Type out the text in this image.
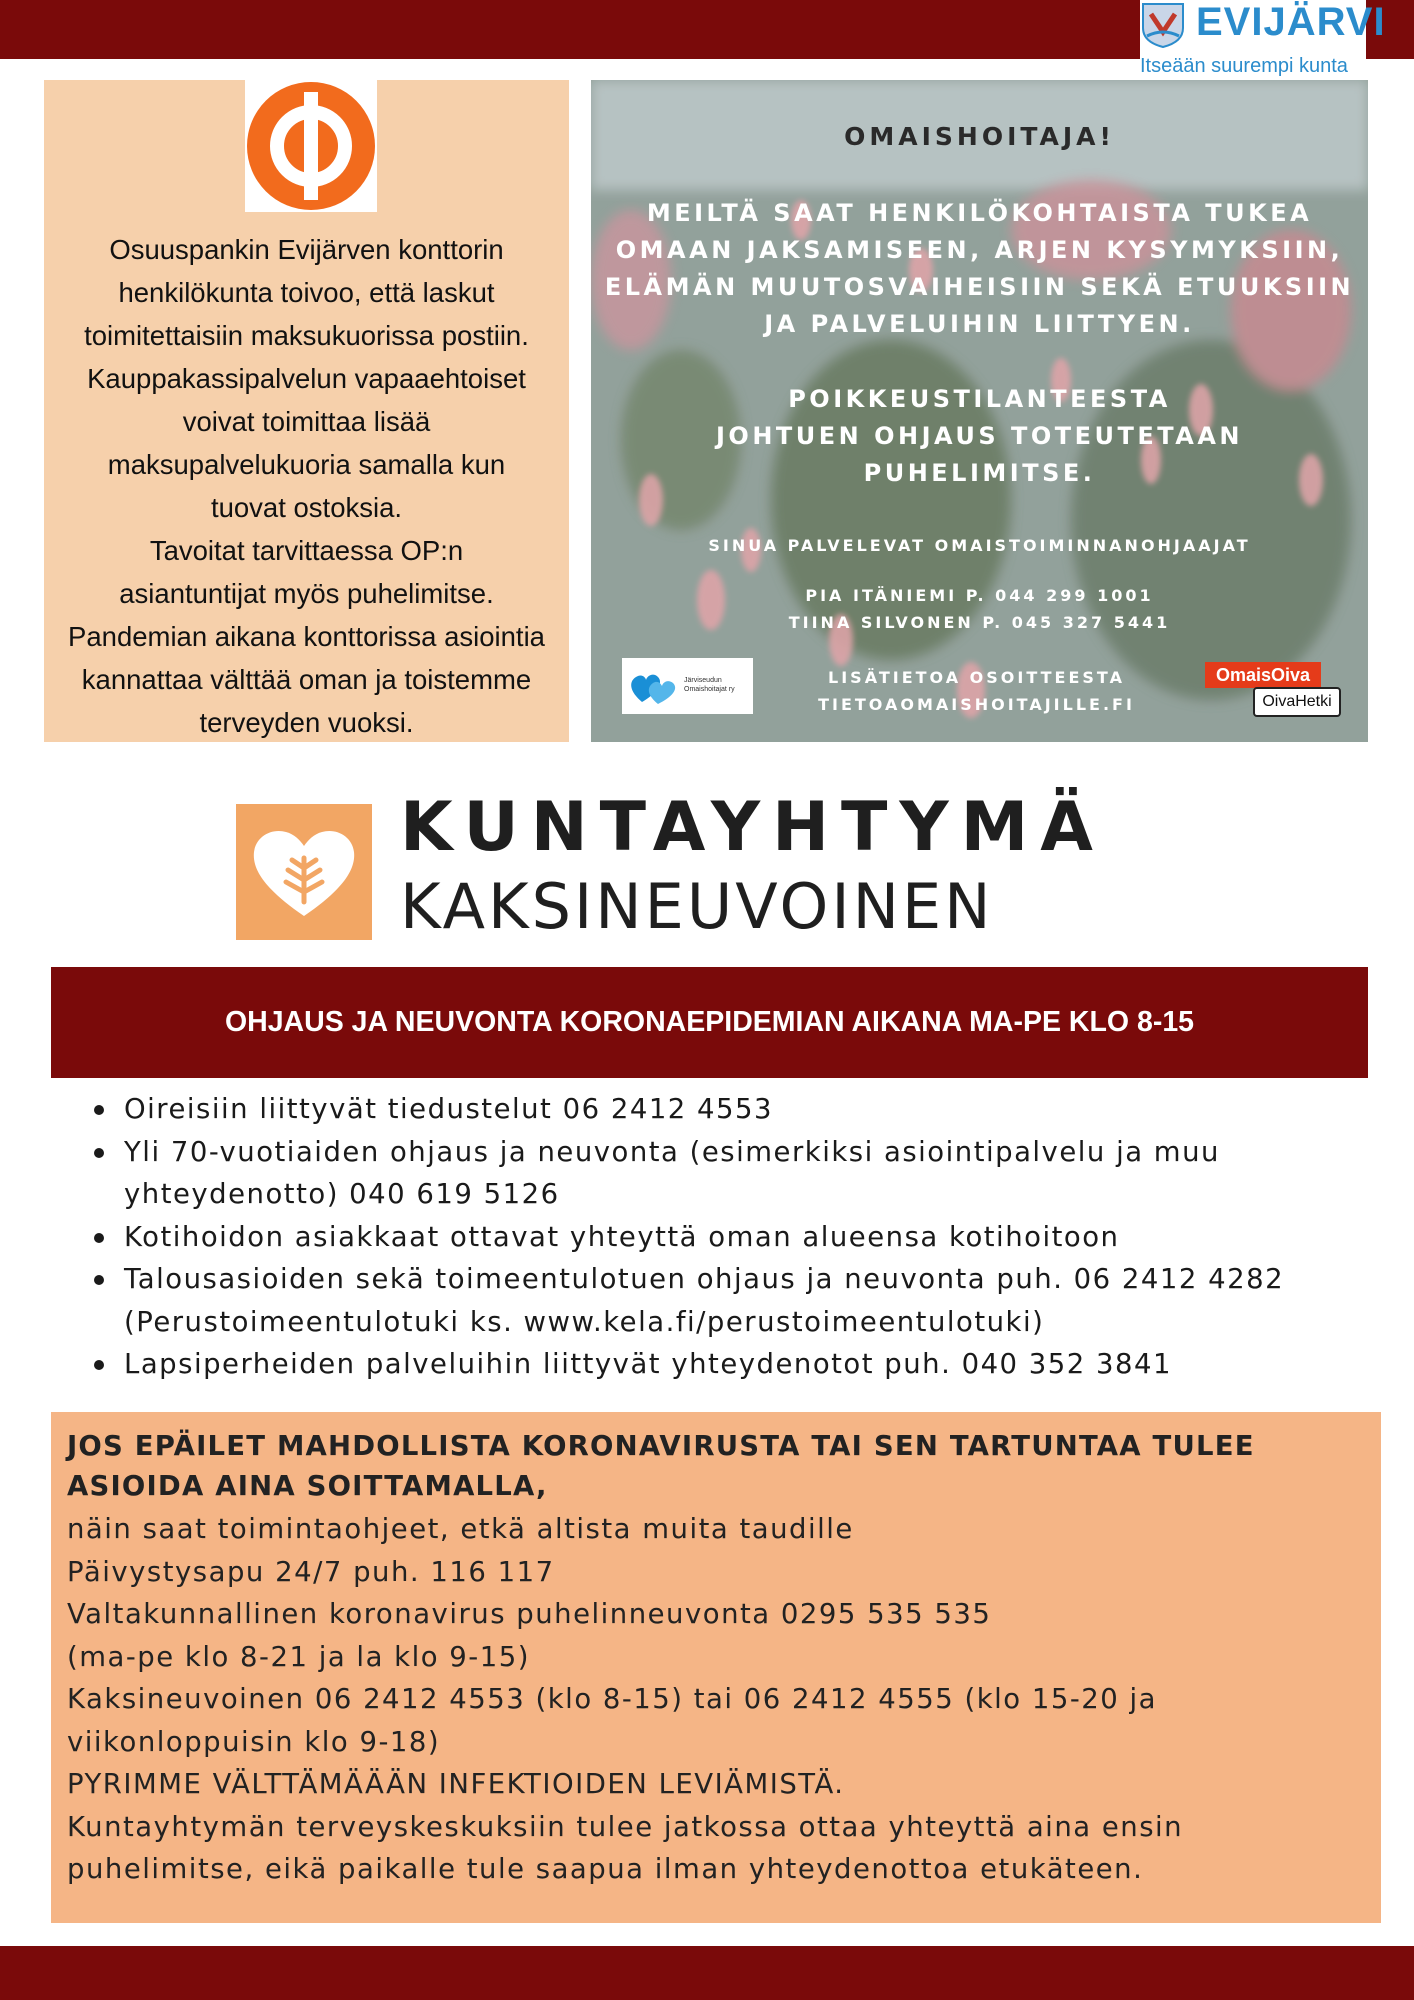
EVIJÄRVI
Itseään suurempi kunta
Osuuspankin Evijärven konttorin
henkilökunta toivoo, että laskut
toimitettaisiin maksukuorissa postiin.
Kauppakassipalvelun vapaaehtoiset
voivat toimittaa lisää
maksupalvelukuoria samalla kun
tuovat ostoksia.
Tavoitat tarvittaessa OP:n
asiantuntijat myös puhelimitse.
Pandemian aikana konttorissa asiointia
kannattaa välttää oman ja toistemme
terveyden vuoksi.
OMAISHOITAJA!
MEILTÄ SAAT HENKILÖKOHTAISTA TUKEA
OMAAN JAKSAMISEEN, ARJEN KYSYMYKSIIN,
ELÄMÄN MUUTOSVAIHEISIIN SEKÄ ETUUKSIIN
JA PALVELUIHIN LIITTYEN.
POIKKEUSTILANTEESTA
JOHTUEN OHJAUS TOTEUTETAAN
PUHELIMITSE.
SINUA PALVELEVAT OMAISTOIMINNANOHJAAJAT
PIA ITÄNIEMI P. 044 299 1001
TIINA SILVONEN P. 045 327 5441
LISÄTIETOA OSOITTEESTA
TIETOAOMAISHOITAJILLE.FI
Järviseudun
Omaishoitajat ry
OmaisOiva
OivaHetki
KUNTAYHTYMÄ
KAKSINEUVOINEN
OHJAUS JA NEUVONTA KORONAEPIDEMIAN AIKANA MA-PE KLO 8-15
Oireisiin liittyvät tiedustelut 06 2412 4553
Yli 70-vuotiaiden ohjaus ja neuvonta (esimerkiksi asiointipalvelu ja muu
yhteydenotto) 040 619 5126
Kotihoidon asiakkaat ottavat yhteyttä oman alueensa kotihoitoon
Talousasioiden sekä toimeentulotuen ohjaus ja neuvonta puh. 06 2412 4282
(Perustoimeentulotuki ks. www.kela.fi/perustoimeentulotuki)
Lapsiperheiden palveluihin liittyvät yhteydenotot puh. 040 352 3841
JOS EPÄILET MAHDOLLISTA KORONAVIRUSTA TAI SEN TARTUNTAA TULEE
ASIOIDA AINA SOITTAMALLA,
näin saat toimintaohjeet, etkä altista muita taudille
Päivystysapu 24/7 puh. 116 117
Valtakunnallinen koronavirus puhelinneuvonta 0295 535 535
(ma-pe klo 8-21 ja la klo 9-15)
Kaksineuvoinen 06 2412 4553 (klo 8-15) tai 06 2412 4555 (klo 15-20 ja
viikonloppuisin klo 9-18)
PYRIMME VÄLTTÄMÄÄÄN INFEKTIOIDEN LEVIÄMISTÄ.
Kuntayhtymän terveyskeskuksiin tulee jatkossa ottaa yhteyttä aina ensin
puhelimitse, eikä paikalle tule saapua ilman yhteydenottoa etukäteen.
